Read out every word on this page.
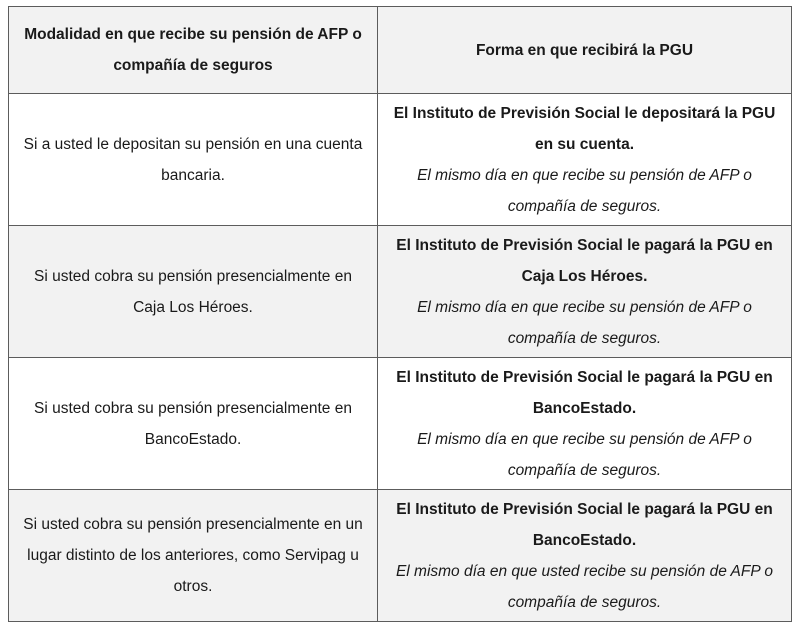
Modalidad en que recibe su pensión de AFP o compañía de seguros	Forma en que recibirá la PGU
Si a usted le depositan su pensión en una cuenta bancaria.	El Instituto de Previsión Social le depositará la PGU en su cuenta.
El mismo día en que recibe su pensión de AFP o compañía de seguros.

Si usted cobra su pensión presencialmente en Caja Los Héroes.	El Instituto de Previsión Social le pagará la PGU en Caja Los Héroes.
El mismo día en que recibe su pensión de AFP o compañía de seguros.

Si usted cobra su pensión presencialmente en BancoEstado.	El Instituto de Previsión Social le pagará la PGU en BancoEstado.
El mismo día en que recibe su pensión de AFP o compañía de seguros.

Si usted cobra su pensión presencialmente en un lugar distinto de los anteriores, como Servipag u otros.	El Instituto de Previsión Social le pagará la PGU en BancoEstado.
El mismo día en que usted recibe su pensión de AFP o compañía de seguros.
